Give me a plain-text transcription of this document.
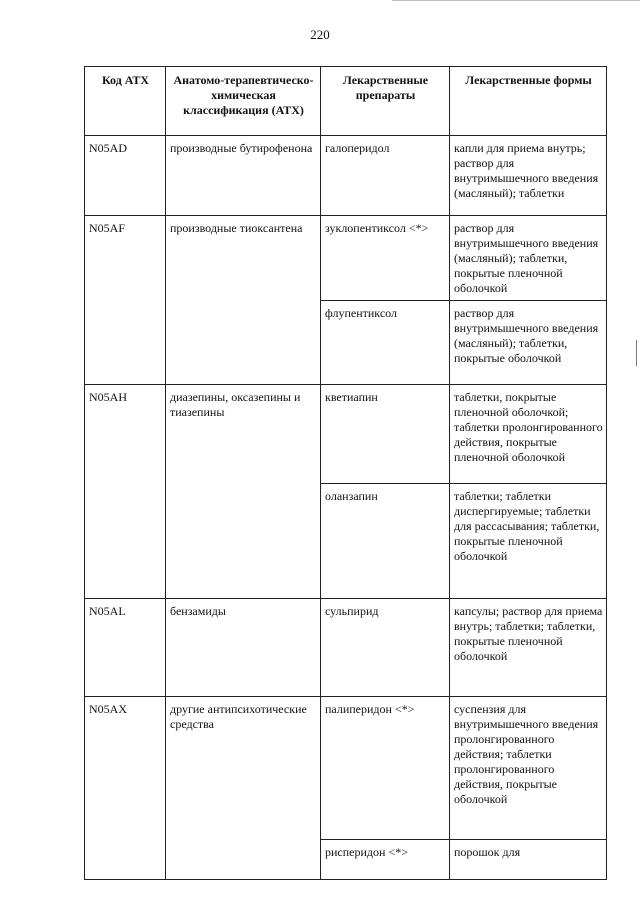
220
Код АТХ	Анатомо-терапевтическо-химическая классификация (АТХ)	Лекарственные препараты	Лекарственные формы
N05AD	производные бутирофенона	галоперидол	капли для приема внутрь; раствор для внутримышечного введения (масляный); таблетки
N05AF	производные тиоксантена	зуклопентиксол <*>	раствор для внутримышечного введения (масляный); таблетки, покрытые пленочной оболочкой
		флупентиксол	раствор для внутримышечного введения (масляный); таблетки, покрытые оболочкой
N05AH	диазепины, оксазепины и тиазепины	кветиапин	таблетки, покрытые пленочной оболочкой; таблетки пролонгированного действия, покрытые пленочной оболочкой
		оланзапин	таблетки; таблетки диспергируемые; таблетки для рассасывания; таблетки, покрытые пленочной оболочкой
N05AL	бензамиды	сульпирид	капсулы; раствор для приема внутрь; таблетки; таблетки, покрытые пленочной оболочкой
N05AX	другие антипсихотические средства	палиперидон <*>	суспензия для внутримышечного введения пролонгированного действия; таблетки пролонгированного действия, покрытые оболочкой
		рисперидон <*>	порошок для
